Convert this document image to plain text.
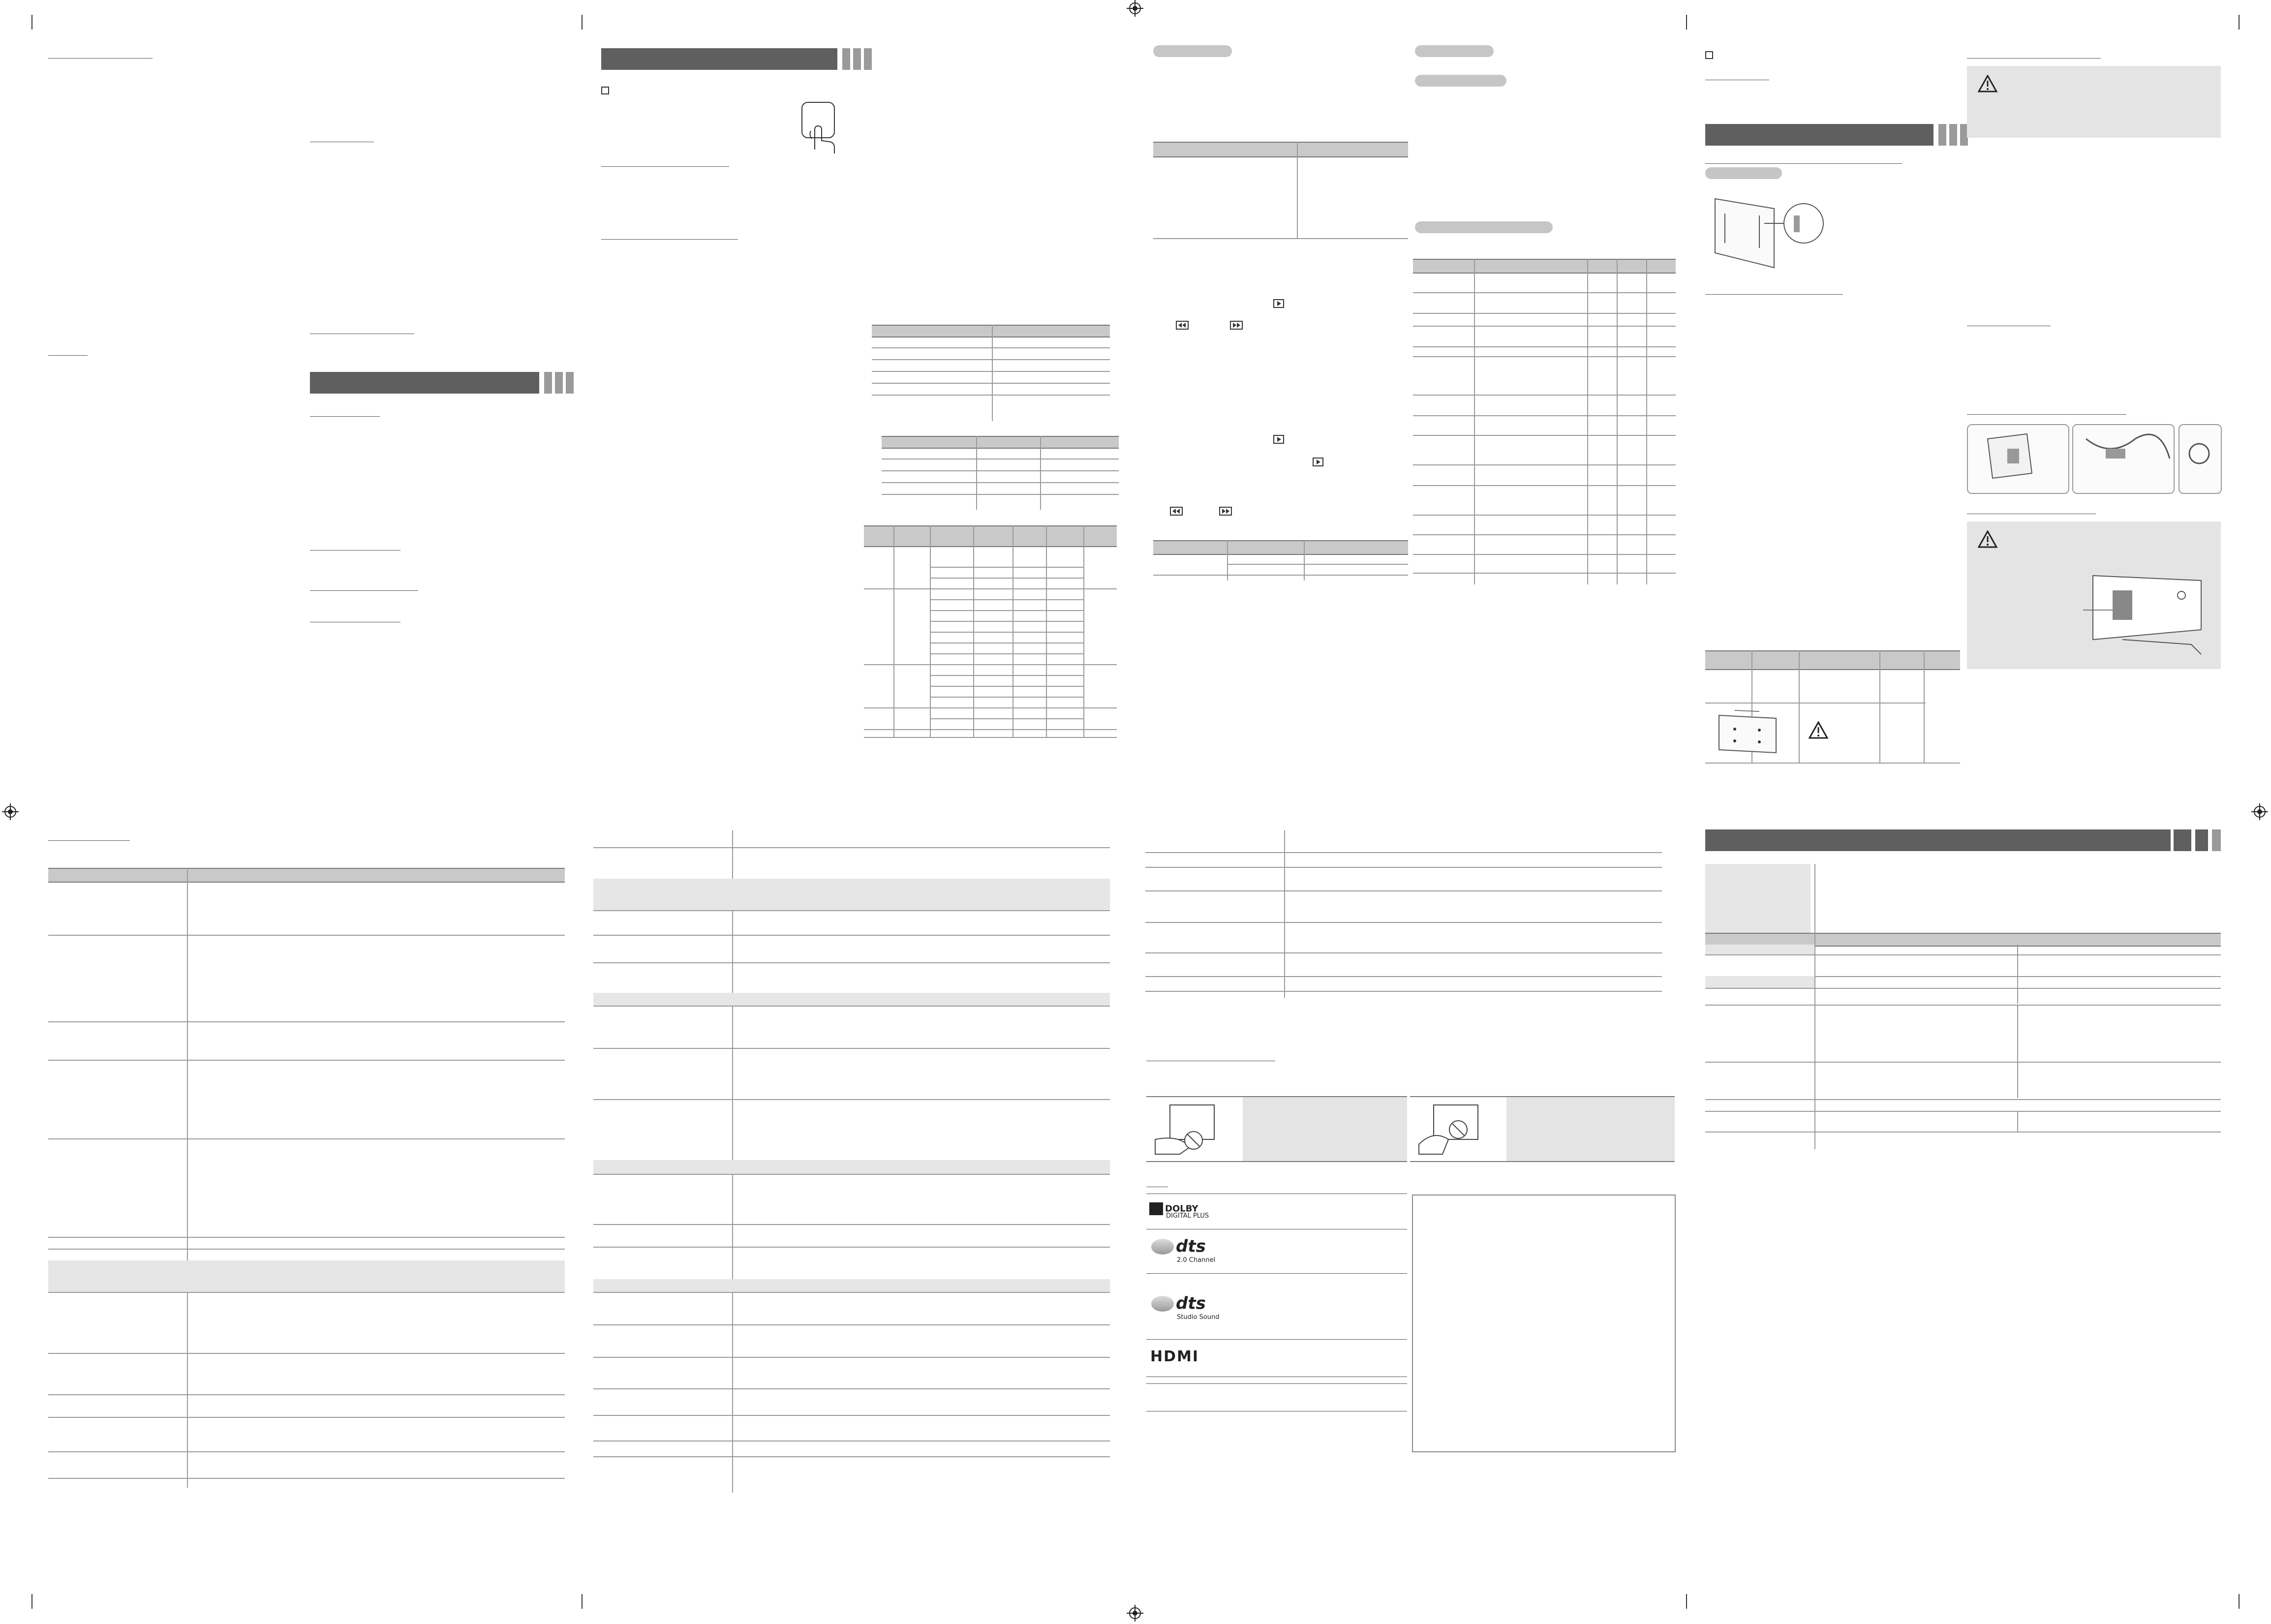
DOLBY
DIGITAL PLUS
dts
2.0 Channel
dts
Studio Sound
HDMI
